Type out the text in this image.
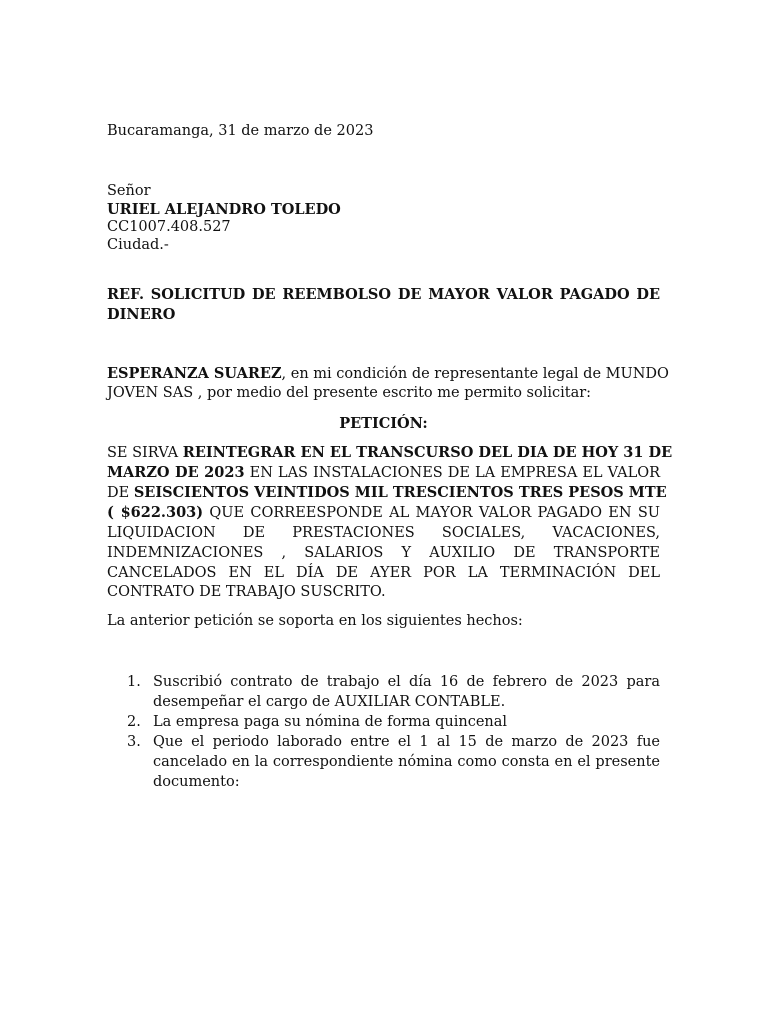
Bucaramanga, 31 de marzo de 2023
Señor
URIEL ALEJANDRO TOLEDO
CC1007.408.527
Ciudad.-
REF. SOLICITUD DE REEMBOLSO DE MAYOR VALOR PAGADO DE
DINERO
ESPERANZA SUAREZ, en mi condición de representante legal de MUNDO
JOVEN SAS , por medio del presente escrito me permito solicitar:
PETICIÓN:
SE SIRVA REINTEGRAR EN EL TRANSCURSO DEL DIA DE HOY 31 DE
MARZO DE 2023 EN LAS INSTALACIONES DE LA EMPRESA EL VALOR
DE SEISCIENTOS VEINTIDOS MIL TRESCIENTOS TRES PESOS MTE
( $622.303) QUE CORREESPONDE AL MAYOR VALOR PAGADO EN SU
LIQUIDACION DE PRESTACIONES SOCIALES, VACACIONES,
INDEMNIZACIONES , SALARIOS Y AUXILIO DE TRANSPORTE
CANCELADOS EN EL DÍA DE AYER POR LA TERMINACIÓN DEL
CONTRATO DE TRABAJO SUSCRITO.
La anterior petición se soporta en los siguientes hechos:
1. Suscribió contrato de trabajo el día 16 de febrero de 2023 para desempeñar el cargo de AUXILIAR CONTABLE.
2. La empresa paga su nómina de forma quincenal
3. Que el periodo laborado entre el 1 al 15 de marzo de 2023 fue cancelado en la correspondiente nómina como consta en el presente documento:
